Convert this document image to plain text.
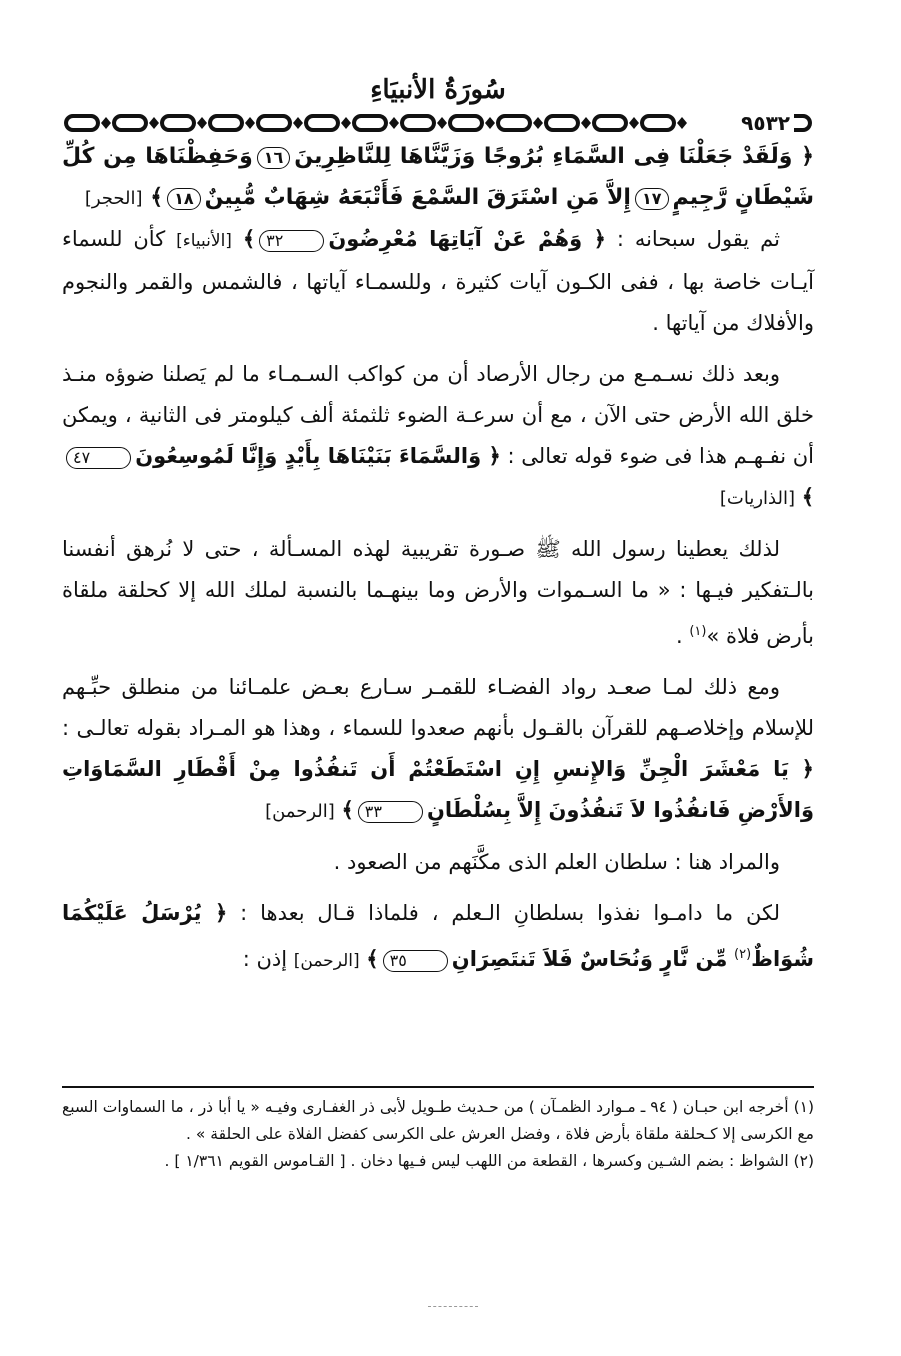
سُورَةُ الأنبيَاءِ
٩٥٣٢

﴿ وَلَقَدْ جَعَلْنَا فِى السَّمَاءِ بُرُوجًا وَزَيَّنَّاهَا لِلنَّاظِرِينَ١٦وَحَفِظْنَاهَا مِن كُلِّ شَيْطَانٍ رَّجِيمٍ١٧إِلاَّ مَنِ اسْتَرَقَ السَّمْعَ فَأَتْبَعَهُ شِهَابٌ مُّبِينٌ١٨﴾ [الحجر]

ثم يقول سبحانه : ﴿ وَهُمْ عَنْ آيَاتِهَا مُعْرِضُونَ٣٢﴾ [الأنبياء] كأن للسماء آيـات خاصة بها ، ففى الكـون آيات كثيرة ، وللسمـاء آياتها ، فالشمس والقمر والنجوم والأفلاك من آياتها .

وبعد ذلك نسـمـع من رجال الأرصاد أن من كواكب السـمـاء ما لم يَصلنا ضوؤه منـذ خلق الله الأرض حتى الآن ، مع أن سرعـة الضوء ثلثمئة ألف كيلومتر فى الثانية ، ويمكن أن نفـهـم هذا فى ضوء قوله تعالى : ﴿ وَالسَّمَاءَ بَنَيْنَاهَا بِأَيْدٍ وَإِنَّا لَمُوسِعُونَ٤٧﴾ [الذاريات]

لذلك يعطينا رسول الله ﷺ صـورة تقريبية لهذه المسـألة ، حتى لا نُرهق أنفسنا بالـتفكير فيـها : « ما السـموات والأرض وما بينهـما بالنسبة لملك الله إلا كحلقة ملقاة بأرض فلاة »$^{(١)}$ .

ومع ذلك لمـا صعـد رواد الفضـاء للقمـر سـارع بعـض علمـائنا من منطلق حبِّـهم للإسلام وإخلاصـهم للقرآن بالقـول بأنهم صعدوا للسماء ، وهذا هو المـراد بقوله تعالـى : ﴿ يَا مَعْشَرَ الْجِنِّ وَالإِنسِ إِنِ اسْتَطَعْتُمْ أَن تَنفُذُوا مِنْ أَقْطَارِ السَّمَاوَاتِ وَالأَرْضِ فَانفُذُوا لاَ تَنفُذُونَ إِلاَّ بِسُلْطَانٍ٣٣﴾ [الرحمن]

والمراد هنا : سلطان العلم الذى مكَّنَهم من الصعود .

لكن ما دامـوا نفذوا بسلطانِ الـعلم ، فلماذا قـال بعدها : ﴿ يُرْسَلُ عَلَيْكُمَا شُوَاظٌ$^{(٢)}$ مِّن نَّارٍ وَنُحَاسٌ فَلاَ تَنتَصِرَانِ٣٥﴾ [الرحمن] إذن :

(١) أخرجه ابن حبـان ( ٩٤ ـ مـوارد الظمـآن ) من حـديث طـويل لأبى ذر الغفـارى وفيـه « يا أبا ذر ، ما السماوات السبع مع الكرسى إلا كـحلقة ملقاة بأرض فلاة ، وفضل العرش على الكرسى كفضل الفلاة على الحلقة » .

(٢) الشواظ : بضم الشـين وكسرها ، القطعة من اللهب ليس فـيها دخان . [ القـاموس القويم ١/٣٦١ ] .
